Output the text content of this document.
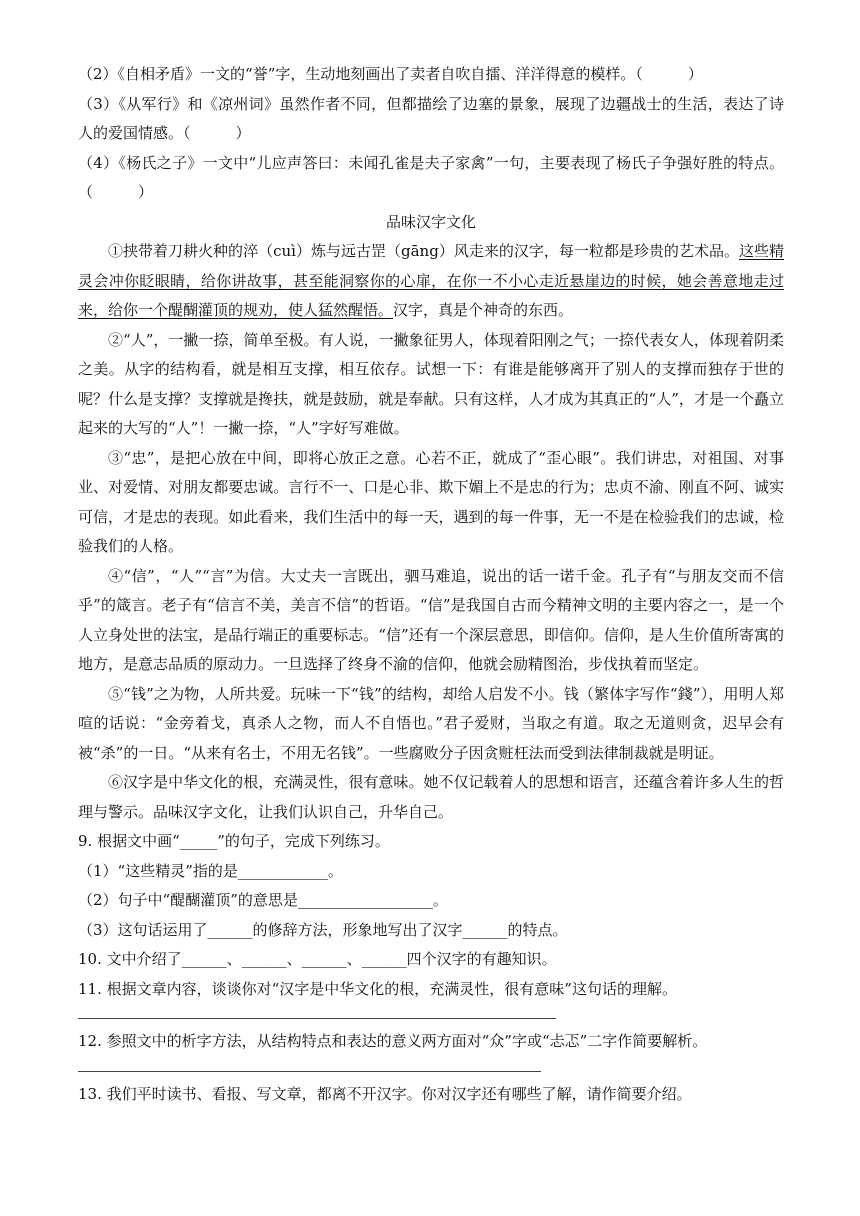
（2）《自相矛盾》一文的“誉”字，生动地刻画出了卖者自吹自擂、洋洋得意的模样。（　　　）
（3）《从军行》和《凉州词》虽然作者不同，但都描绘了边塞的景象，展现了边疆战士的生活，表达了诗人的爱国情感。（　　　）
（4）《杨氏之子》一文中“儿应声答曰：未闻孔雀是夫子家禽”一句，主要表现了杨氏子争强好胜的特点。（　　　）
品味汉字文化
①挟带着刀耕火种的淬（cuì）炼与远古罡（gāng）风走来的汉字，每一粒都是珍贵的艺术品。这些精灵会冲你眨眼睛，给你讲故事，甚至能洞察你的心扉，在你一不小心走近悬崖边的时候，她会善意地走过来，给你一个醍醐灌顶的规劝，使人猛然醒悟。汉字，真是个神奇的东西。
②“人”，一撇一捺，简单至极。有人说，一撇象征男人，体现着阳刚之气；一捺代表女人，体现着阴柔之美。从字的结构看，就是相互支撑，相互依存。试想一下：有谁是能够离开了别人的支撑而独存于世的呢？什么是支撑？支撑就是搀扶，就是鼓励，就是奉献。只有这样，人才成为其真正的“人”，才是一个矗立起来的大写的“人”！一撇一捺，“人”字好写难做。
③“忠”，是把心放在中间，即将心放正之意。心若不正，就成了“歪心眼”。我们讲忠，对祖国、对事业、对爱情、对朋友都要忠诚。言行不一、口是心非、欺下媚上不是忠的行为；忠贞不渝、刚直不阿、诚实可信，才是忠的表现。如此看来，我们生活中的每一天，遇到的每一件事，无一不是在检验我们的忠诚，检验我们的人格。
④“信”，“人”“言”为信。大丈夫一言既出，驷马难追，说出的话一诺千金。孔子有“与朋友交而不信乎”的箴言。老子有“信言不美，美言不信”的哲语。“信”是我国自古而今精神文明的主要内容之一，是一个人立身处世的法宝，是品行端正的重要标志。“信”还有一个深层意思，即信仰。信仰，是人生价值所寄寓的地方，是意志品质的原动力。一旦选择了终身不渝的信仰，他就会励精图治，步伐执着而坚定。
⑤“钱”之为物，人所共爱。玩味一下“钱”的结构，却给人启发不小。钱（繁体字写作“錢”），用明人郑喧的话说：“金旁着戈，真杀人之物，而人不自悟也。”君子爱财，当取之有道。取之无道则贪，迟早会有被“杀”的一日。“从来有名士，不用无名钱”。一些腐败分子因贪赃枉法而受到法律制裁就是明证。
⑥汉字是中华文化的根，充满灵性，很有意味。她不仅记载着人的思想和语言，还蕴含着许多人生的哲理与警示。品味汉字文化，让我们认识自己，升华自己。
9. 根据文中画“_____”的句子，完成下列练习。
（1）“这些精灵”指的是____________。
（2）句子中“醍醐灌顶”的意思是__________________。
（3）这句话运用了______的修辞方法，形象地写出了汉字______的特点。
10. 文中介绍了______、______、______、______四个汉字的有趣知识。
11. 根据文章内容，谈谈你对“汉字是中华文化的根，充满灵性，很有意味”这句话的理解。
12. 参照文中的析字方法，从结构特点和表达的意义两方面对“众”字或“忐忑”二字作简要解析。
13. 我们平时读书、看报、写文章，都离不开汉字。你对汉字还有哪些了解，请作简要介绍。
